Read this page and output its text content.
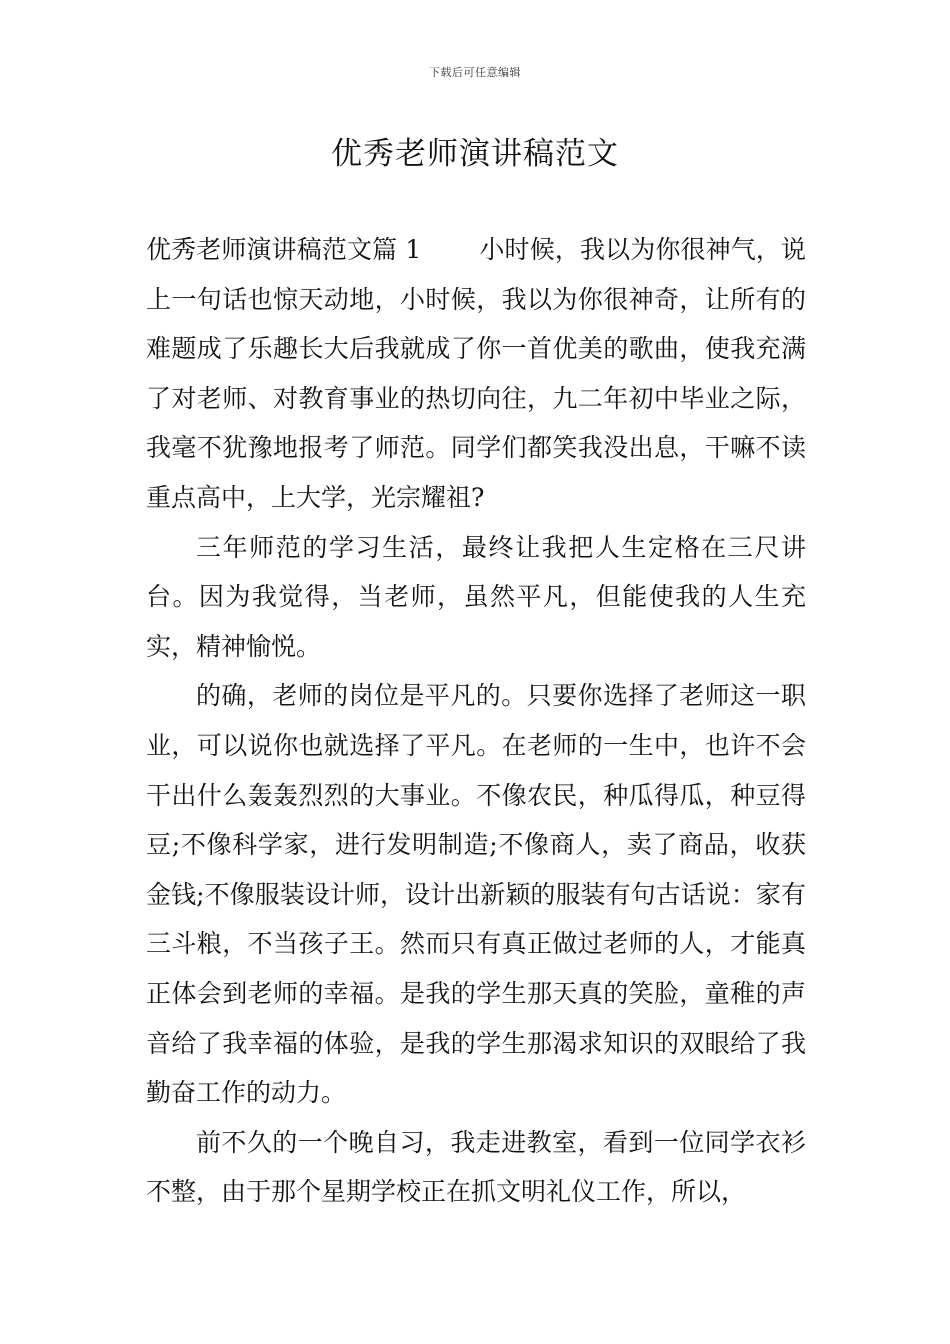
下载后可任意编辑
优秀老师演讲稿范文

优秀老师演讲稿范文篇 1 小时候，我以为你很神气，说上一句话也惊天动地，小时候，我以为你很神奇，让所有的难题成了乐趣长大后我就成了你一首优美的歌曲，使我充满了对老师、对教育事业的热切向往，九二年初中毕业之际，我毫不犹豫地报考了师范。同学们都笑我没出息，干嘛不读重点高中，上大学，光宗耀祖?

三年师范的学习生活，最终让我把人生定格在三尺讲台。因为我觉得，当老师，虽然平凡，但能使我的人生充实，精神愉悦。

的确，老师的岗位是平凡的。只要你选择了老师这一职业，可以说你也就选择了平凡。在老师的一生中，也许不会干出什么轰轰烈烈的大事业。不像农民，种瓜得瓜，种豆得豆;不像科学家，进行发明制造;不像商人，卖了商品，收获金钱;不像服装设计师，设计出新颖的服装有句古话说：家有三斗粮，不当孩子王。然而只有真正做过老师的人，才能真正体会到老师的幸福。是我的学生那天真的笑脸，童稚的声音给了我幸福的体验，是我的学生那渴求知识的双眼给了我勤奋工作的动力。

前不久的一个晚自习，我走进教室，看到一位同学衣衫不整，由于那个星期学校正在抓文明礼仪工作，所以，
